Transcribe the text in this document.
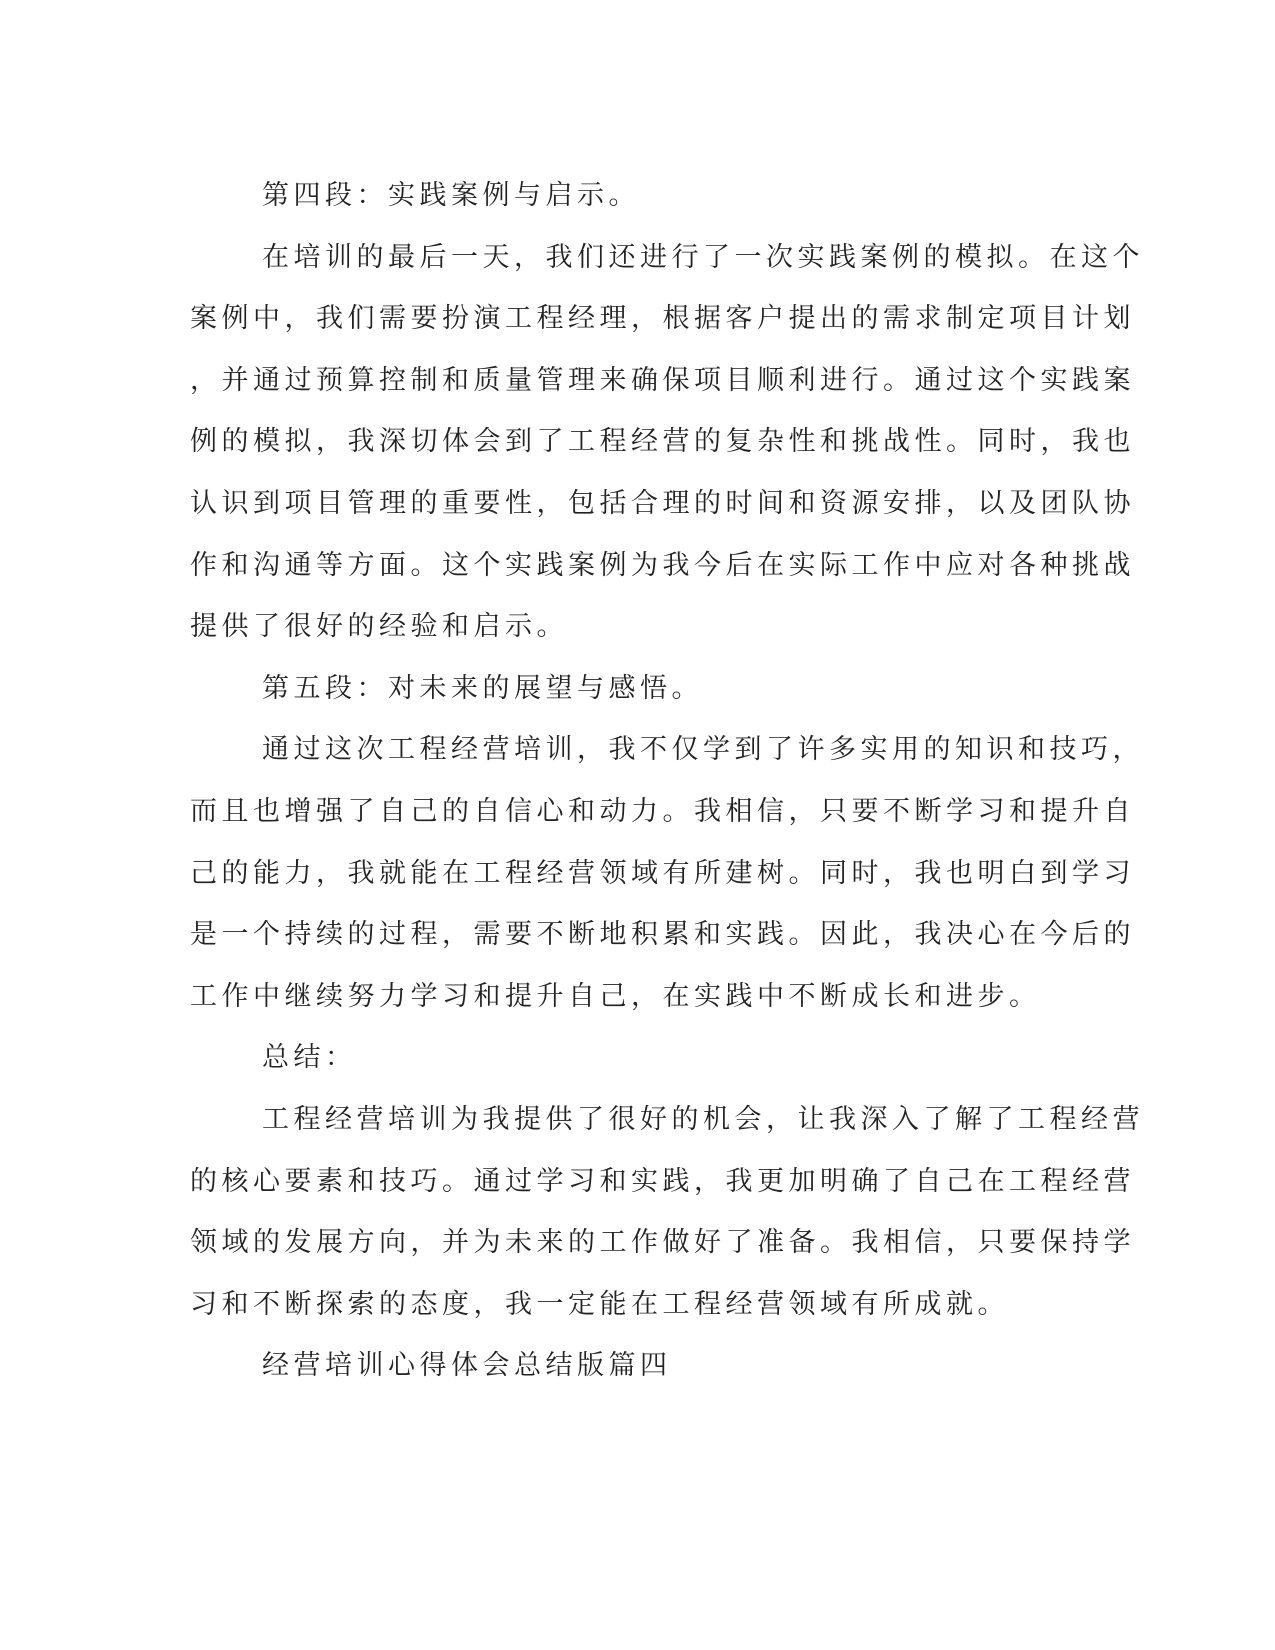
第四段：实践案例与启示。
在培训的最后一天，我们还进行了一次实践案例的模拟。在这个
案例中，我们需要扮演工程经理，根据客户提出的需求制定项目计划
，并通过预算控制和质量管理来确保项目顺利进行。通过这个实践案
例的模拟，我深切体会到了工程经营的复杂性和挑战性。同时，我也
认识到项目管理的重要性，包括合理的时间和资源安排，以及团队协
作和沟通等方面。这个实践案例为我今后在实际工作中应对各种挑战
提供了很好的经验和启示。
第五段：对未来的展望与感悟。
通过这次工程经营培训，我不仅学到了许多实用的知识和技巧，
而且也增强了自己的自信心和动力。我相信，只要不断学习和提升自
己的能力，我就能在工程经营领域有所建树。同时，我也明白到学习
是一个持续的过程，需要不断地积累和实践。因此，我决心在今后的
工作中继续努力学习和提升自己，在实践中不断成长和进步。
总结：
工程经营培训为我提供了很好的机会，让我深入了解了工程经营
的核心要素和技巧。通过学习和实践，我更加明确了自己在工程经营
领域的发展方向，并为未来的工作做好了准备。我相信，只要保持学
习和不断探索的态度，我一定能在工程经营领域有所成就。
经营培训心得体会总结版篇四
